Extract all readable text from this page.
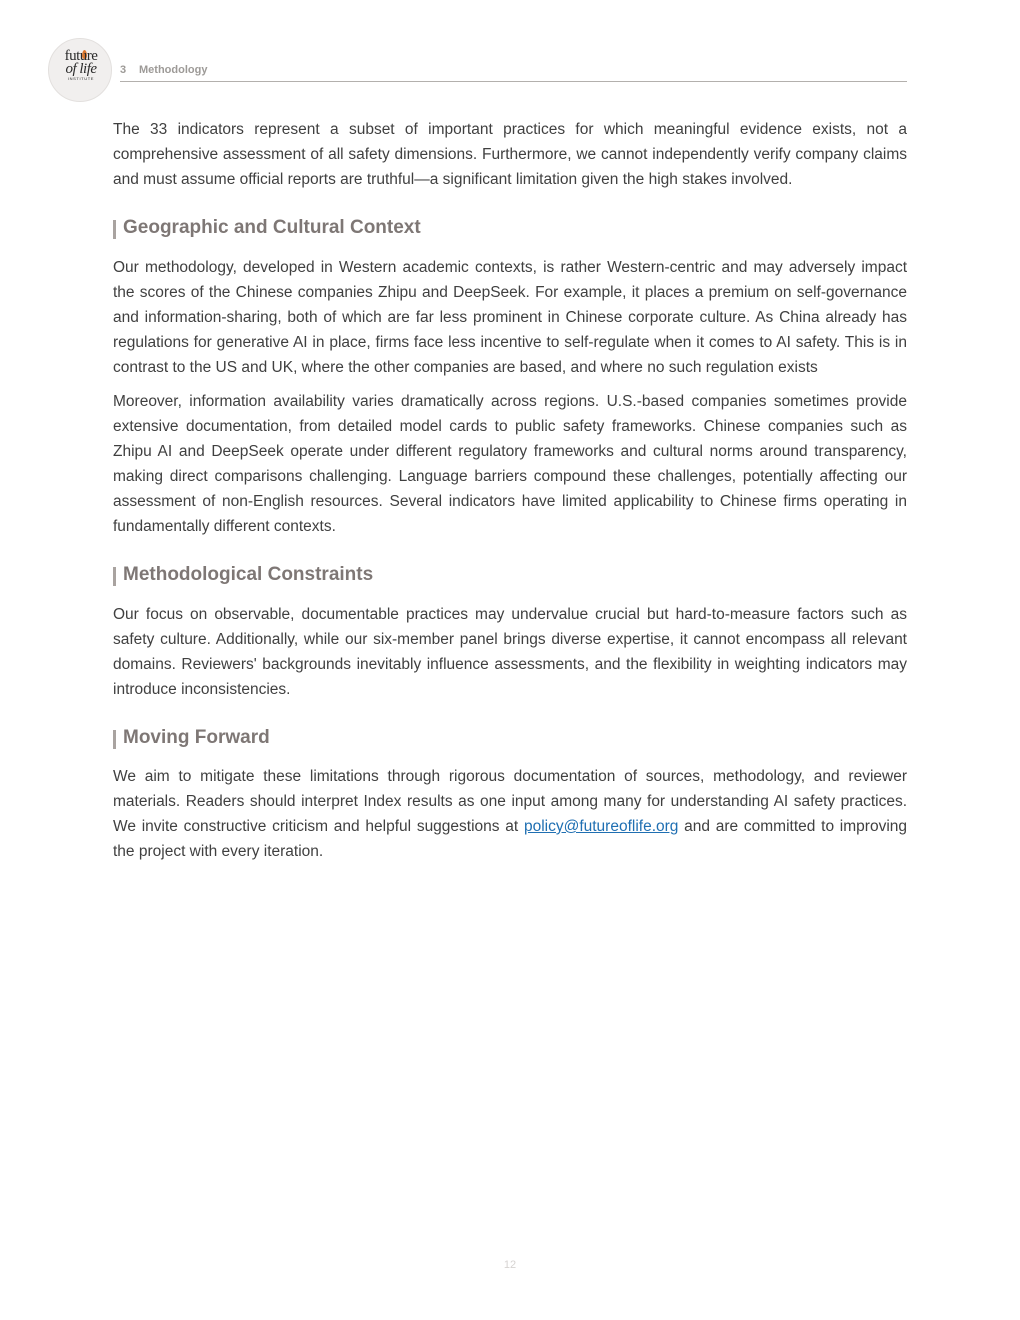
future
of life
INSTITUTE
3 Methodology

The 33 indicators represent a subset of important practices for which meaningful evidence exists, not a comprehensive assessment of all safety dimensions. Furthermore, we cannot independently verify company claims and must assume official reports are truthful—a significant limitation given the high stakes involved.

Geographic and Cultural Context

Our methodology, developed in Western academic contexts, is rather Western-centric and may adversely impact the scores of the Chinese companies Zhipu and DeepSeek. For example, it places a premium on self-governance and information-sharing, both of which are far less prominent in Chinese corporate culture. As China already has regulations for generative AI in place, firms face less incentive to self-regulate when it comes to AI safety. This is in contrast to the US and UK, where the other companies are based, and where no such regulation exists

Moreover, information availability varies dramatically across regions. U.S.-based companies sometimes provide extensive documentation, from detailed model cards to public safety frameworks. Chinese companies such as Zhipu AI and DeepSeek operate under different regulatory frameworks and cultural norms around transparency, making direct comparisons challenging. Language barriers compound these challenges, potentially affecting our assessment of non-English resources. Several indicators have limited applicability to Chinese firms operating in fundamentally different contexts.

Methodological Constraints

Our focus on observable, documentable practices may undervalue crucial but hard-to-measure factors such as safety culture. Additionally, while our six-member panel brings diverse expertise, it cannot encompass all relevant domains. Reviewers' backgrounds inevitably influence assessments, and the flexibility in weighting indicators may introduce inconsistencies.

Moving Forward

We aim to mitigate these limitations through rigorous documentation of sources, methodology, and reviewer materials. Readers should interpret Index results as one input among many for understanding AI safety practices. We invite constructive criticism and helpful suggestions at policy@futureoflife.org and are committed to improving the project with every iteration.

12
